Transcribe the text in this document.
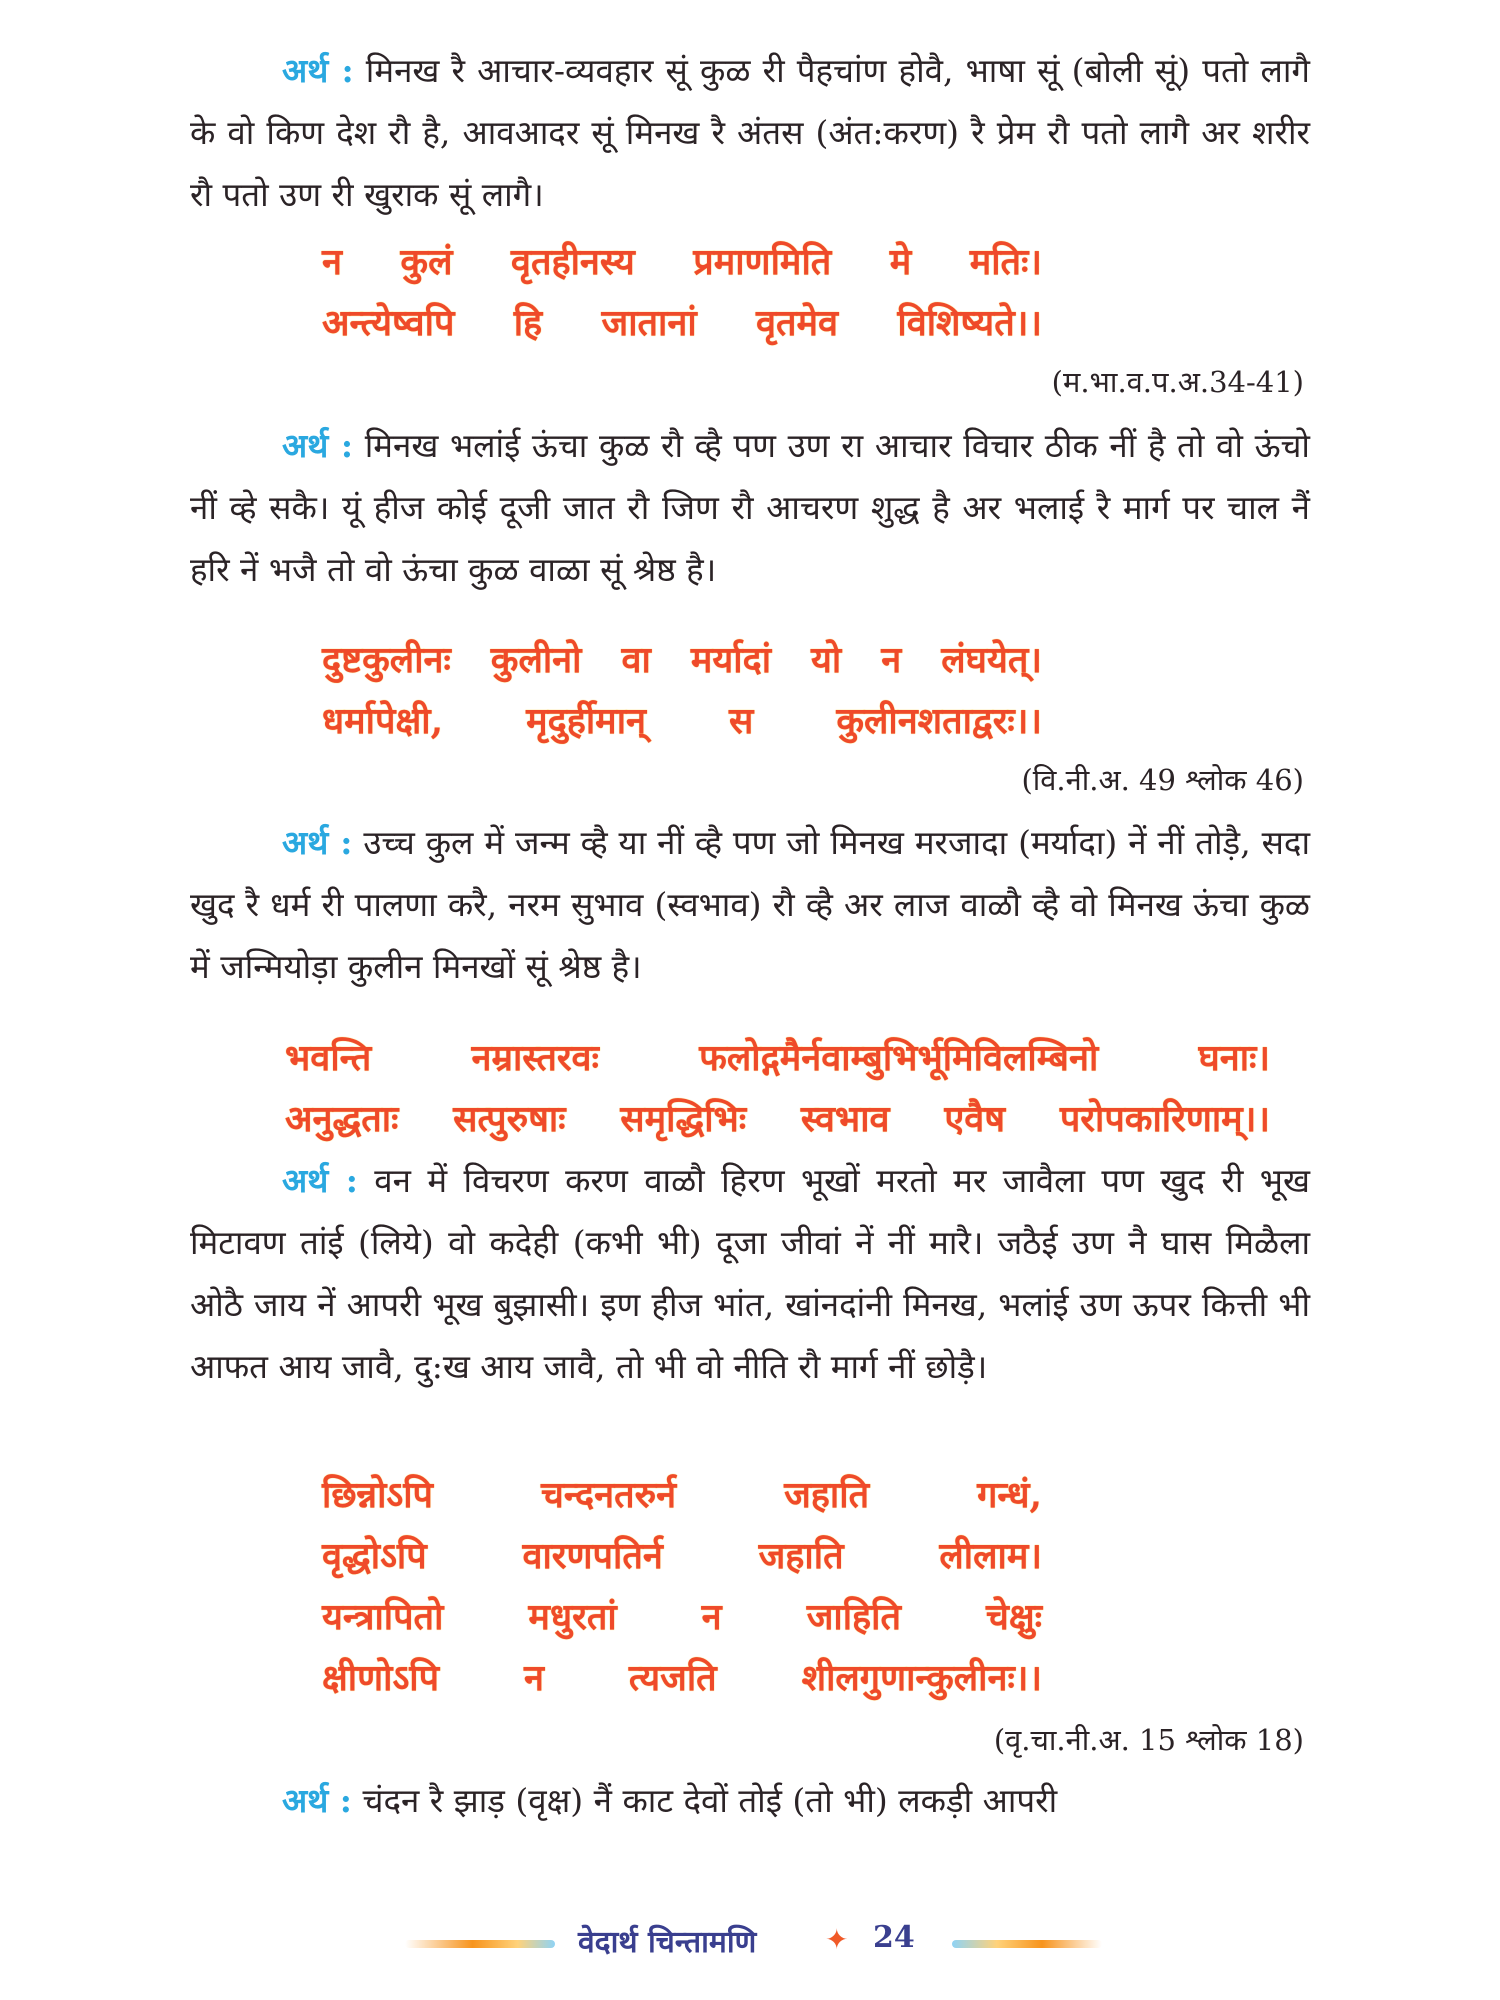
अर्थ : मिनख रै आचार-व्यवहार सूं कुळ री पैहचांण होवै, भाषा सूं (बोली सूं) पतो लागै के वो किण देश रौ है, आवआदर सूं मिनख रै अंतस (अंत:करण) रै प्रेम रौ पतो लागै अर शरीर रौ पतो उण री खुराक सूं लागै।
न कुलं वृतहीनस्य प्रमाणमिति मे मतिः।
अन्त्येष्वपि हि जातानां वृतमेव विशिष्यते।।
(म.भा.व.प.अ.34-41)
अर्थ : मिनख भलांई ऊंचा कुळ रौ व्है पण उण रा आचार विचार ठीक नीं है तो वो ऊंचो नीं व्हे सकै। यूं हीज कोई दूजी जात रौ जिण रौ आचरण शुद्ध है अर भलाई रै मार्ग पर चाल नैं हरि नें भजै तो वो ऊंचा कुळ वाळा सूं श्रेष्ठ है।
दुष्टकुलीनः कुलीनो वा मर्यादां यो न लंघयेत्।
धर्मापेक्षी, मृदुर्हीमान् स कुलीनशताद्वरः।।
(वि.नी.अ. 49 श्लोक 46)
अर्थ : उच्च कुल में जन्म व्है या नीं व्है पण जो मिनख मरजादा (मर्यादा) नें नीं तोड़ै, सदा खुद रै धर्म री पालणा करै, नरम सुभाव (स्वभाव) रौ व्है अर लाज वाळौ व्है वो मिनख ऊंचा कुळ में जन्मियोड़ा कुलीन मिनखों सूं श्रेष्ठ है।
भवन्ति नम्रास्तरवः फलोद्गमैर्नवाम्बुभिर्भूमिविलम्बिनो घनाः।
अनुद्धताः सत्पुरुषाः समृद्धिभिः स्वभाव एवैष परोपकारिणाम्।।
अर्थ : वन में विचरण करण वाळौ हिरण भूखों मरतो मर जावैला पण खुद री भूख मिटावण तांई (लिये) वो कदेही (कभी भी) दूजा जीवां नें नीं मारै। जठैई उण नै घास मिळैला ओठै जाय नें आपरी भूख बुझासी। इण हीज भांत, खांनदांनी मिनख, भलांई उण ऊपर कित्ती भी आफत आय जावै, दु:ख आय जावै, तो भी वो नीति रौ मार्ग नीं छोड़ै।
छिन्नोऽपि चन्दनतरुर्न जहाति गन्धं,
वृद्धोऽपि वारणपतिर्न जहाति लीलाम।
यन्त्रापितो मधुरतां न जाहिति चेक्षुः
क्षीणोऽपि न त्यजति शीलगुणान्कुलीनः।।
(वृ.चा.नी.अ. 15 श्लोक 18)
अर्थ : चंदन रै झाड़ (वृक्ष) नैं काट देवों तोई (तो भी) लकड़ी आपरी
वेदार्थ चिन्तामणि ✦ 24
